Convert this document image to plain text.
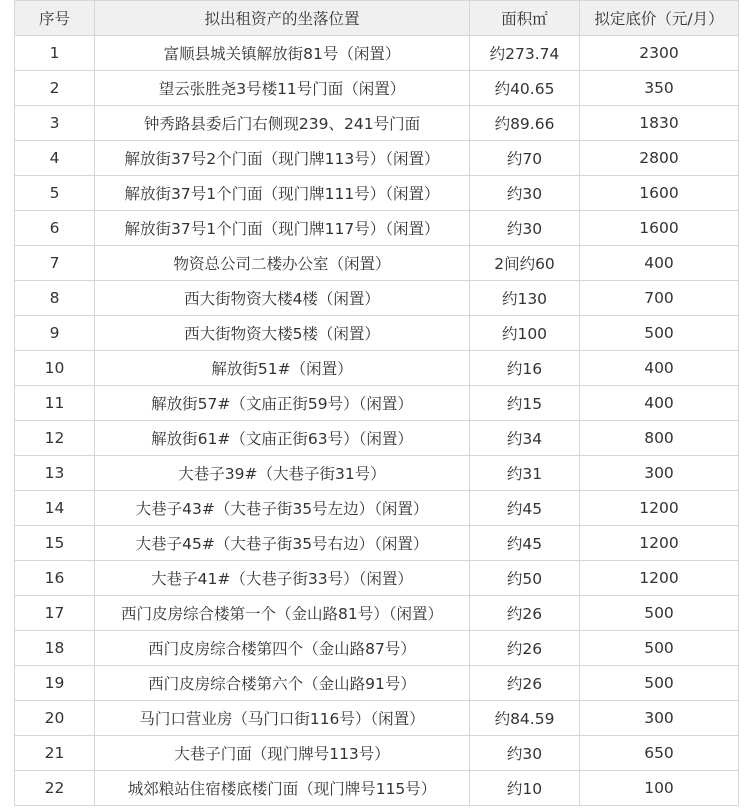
序号	拟出租资产的坐落位置	面积㎡	拟定底价（元/月）
1	富顺县城关镇解放街81号（闲置）	约273.74	2300
2	望云张胜尧3号楼11号门面（闲置）	约40.65	350
3	钟秀路县委后门右侧现239、241号门面	约89.66	1830
4	解放街37号2个门面（现门牌113号）（闲置）	约70	2800
5	解放街37号1个门面（现门牌111号）（闲置）	约30	1600
6	解放街37号1个门面（现门牌117号）（闲置）	约30	1600
7	物资总公司二楼办公室（闲置）	2间约60	400
8	西大街物资大楼4楼（闲置）	约130	700
9	西大街物资大楼5楼（闲置）	约100	500
10	解放街51#（闲置）	约16	400
11	解放街57#（文庙正街59号）（闲置）	约15	400
12	解放街61#（文庙正街63号）（闲置）	约34	800
13	大巷子39#（大巷子街31号）	约31	300
14	大巷子43#（大巷子街35号左边）（闲置）	约45	1200
15	大巷子45#（大巷子街35号右边）（闲置）	约45	1200
16	大巷子41#（大巷子街33号）（闲置）	约50	1200
17	西门皮房综合楼第一个（金山路81号）（闲置）	约26	500
18	西门皮房综合楼第四个（金山路87号）	约26	500
19	西门皮房综合楼第六个（金山路91号）	约26	500
20	马门口营业房（马门口街116号）（闲置）	约84.59	300
21	大巷子门面（现门牌号113号）	约30	650
22	城郊粮站住宿楼底楼门面（现门牌号115号）	约10	100
